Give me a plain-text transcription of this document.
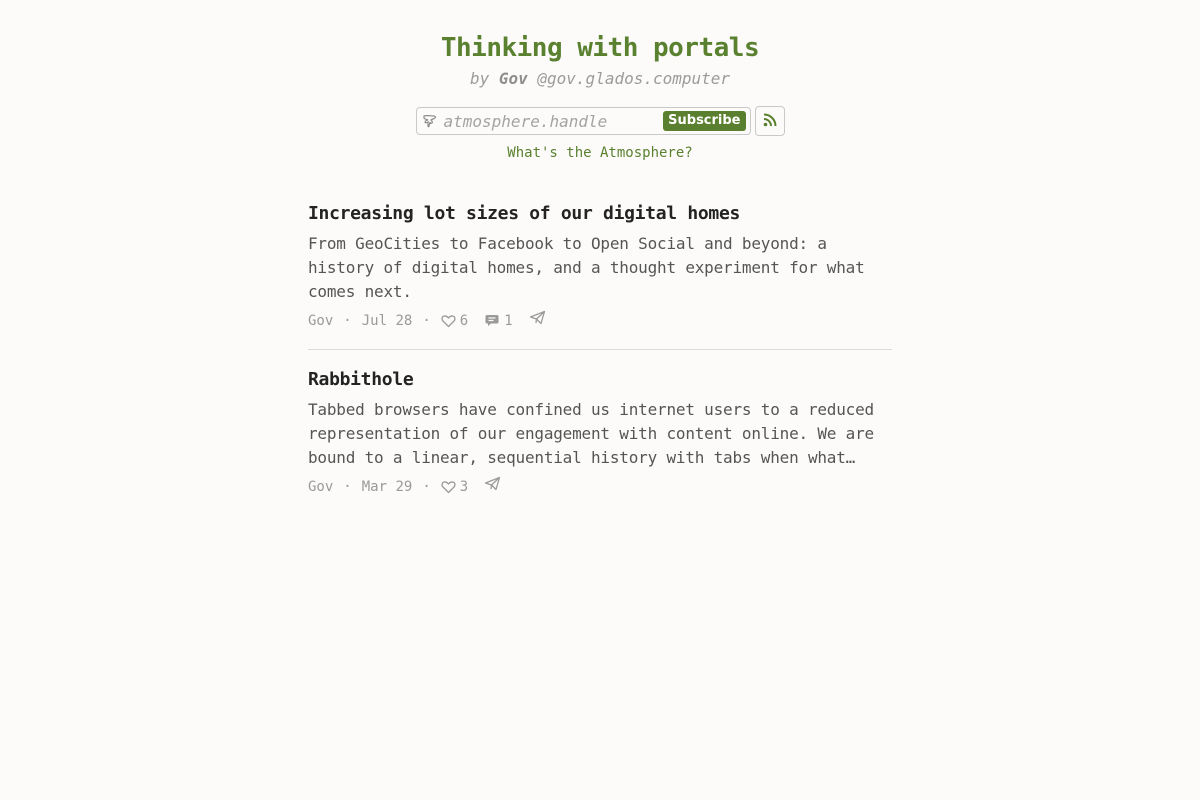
Thinking with portals
by Gov @gov.glados.computer
atmosphere.handle
Subscribe
What's the Atmosphere?
Increasing lot sizes of our digital homes

From GeoCities to Facebook to Open Social and beyond: a history of digital homes, and a thought experiment for what comes next.

Gov · Jul 28 · 6	1
Rabbithole

Tabbed browsers have confined us internet users to a reduced representation of our engagement with content online. We are bound to a linear, sequential history with tabs when what

Gov · Mar 29 · 3
